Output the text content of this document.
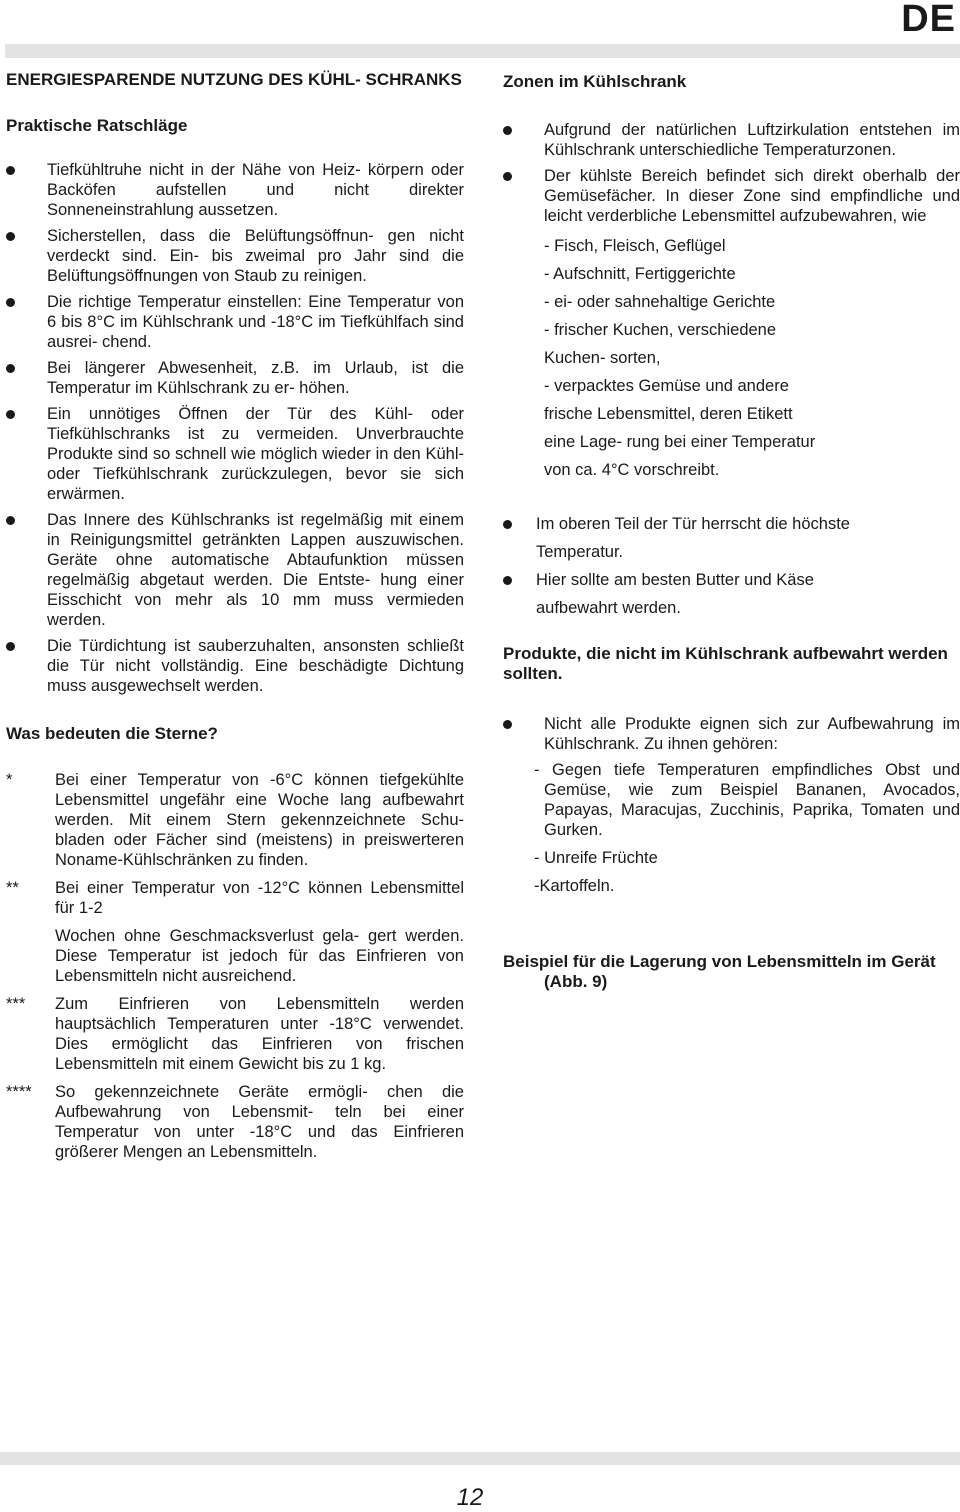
DE
ENERGIESPARENDE NUTZUNG DES KÜHL- SCHRANKS
Praktische Ratschläge
Tiefkühltruhe nicht in der Nähe von Heiz- körpern oder Backöfen aufstellen und nicht direkter Sonneneinstrahlung aussetzen.
Sicherstellen, dass die Belüftungsöffnun- gen nicht verdeckt sind. Ein- bis zweimal pro Jahr sind die Belüftungsöffnungen von Staub zu reinigen.
Die richtige Temperatur einstellen: Eine Temperatur von 6 bis 8°C im Kühlschrank und -18°C im Tiefkühlfach sind ausrei- chend.
Bei längerer Abwesenheit, z.B. im Urlaub, ist die Temperatur im Kühlschrank zu er- höhen.
Ein unnötiges Öffnen der Tür des Kühl- oder Tiefkühlschranks ist zu vermeiden. Unverbrauchte Produkte sind so schnell wie möglich wieder in den Kühl- oder Tiefkühlschrank zurückzulegen, bevor sie sich erwärmen.
Das Innere des Kühlschranks ist regelmäßig mit einem in Reinigungsmittel getränkten Lappen auszuwischen. Geräte ohne automatische Abtaufunktion müssen regelmäßig abgetaut werden. Die Entste- hung einer Eisschicht von mehr als 10 mm muss vermieden werden.
Die Türdichtung ist sauberzuhalten, ansonsten schließt die Tür nicht vollständig. Eine beschädigte Dichtung muss ausgewechselt werden.
Was bedeuten die Sterne?
*	Bei einer Temperatur von -6°C können tiefgekühlte Lebensmittel ungefähr eine Woche lang aufbewahrt werden. Mit einem Stern gekennzeichnete Schu- bladen oder Fächer sind (meistens) in preiswerteren Noname-Kühlschränken zu finden.

** Bei einer Temperatur von -12°C können Lebensmittel für 1-2

Wochen ohne Geschmacksverlust gela- gert werden. Diese Temperatur ist jedoch für das Einfrieren von Lebensmitteln nicht ausreichend.

*** Zum Einfrieren von Lebensmitteln werden hauptsächlich Temperaturen unter -18°C verwendet. Dies ermöglicht das Einfrieren von frischen Lebensmitteln mit einem Gewicht bis zu 1 kg.

**** So gekennzeichnete Geräte ermögli- chen die Aufbewahrung von Lebensmit- teln bei einer Temperatur von unter -18°C und das Einfrieren größerer Mengen an Lebensmitteln.

Zonen im Kühlschrank
Aufgrund der natürlichen Luftzirkulation entstehen im Kühlschrank unterschiedliche Temperaturzonen.
Der kühlste Bereich befindet sich direkt oberhalb der Gemüsefächer. In dieser Zone sind empfindliche und leicht verderbliche Lebensmittel aufzubewahren, wie
- Fisch, Fleisch, Geflügel
- Aufschnitt, Fertiggerichte
- ei- oder sahnehaltige Gerichte
- frischer Kuchen, verschiedene
Kuchen- sorten,
- verpacktes Gemüse und andere
frische Lebensmittel, deren Etikett
eine Lage- rung bei einer Temperatur
von ca. 4°C vorschreibt.
Im oberen Teil der Tür herrscht die höchste
Temperatur.
Hier sollte am besten Butter und Käse
aufbewahrt werden.
Produkte, die nicht im Kühlschrank aufbewahrt werden sollten.
Nicht alle Produkte eignen sich zur Aufbewahrung im Kühlschrank. Zu ihnen gehören:
- Gegen tiefe Temperaturen empfindliches Obst und Gemüse, wie zum Beispiel Bananen, Avocados, Papayas, Maracujas, Zucchinis, Paprika, Tomaten und Gurken.
- Unreife Früchte
-Kartoffeln.
Beispiel für die Lagerung von Lebensmitteln im Gerät (Abb. 9)
12
